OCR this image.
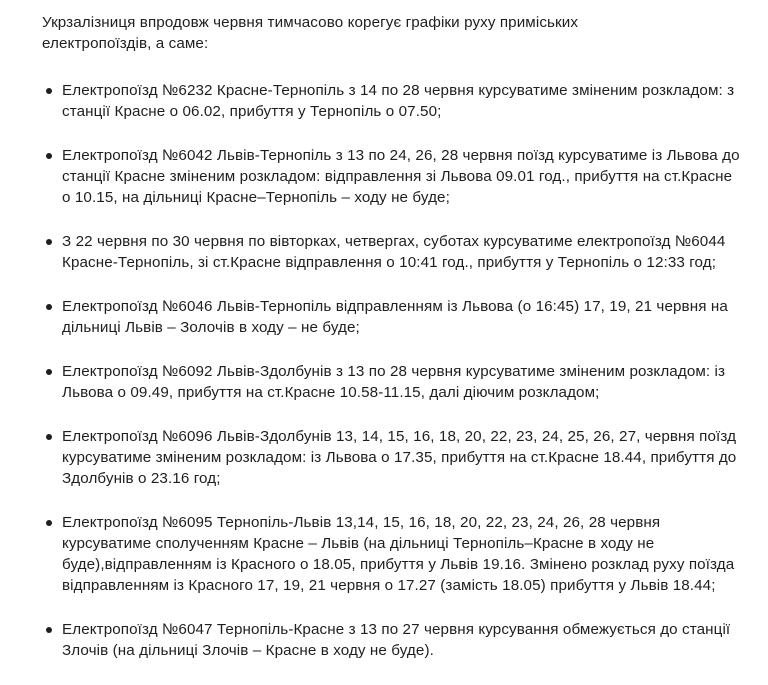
Укрзалізниця впродовж червня тимчасово корегує графіки руху приміських електропоїздів, а саме:

Електропоїзд №6232 Красне-Тернопіль з 14 по 28 червня курсуватиме зміненим розкладом: з станції Красне о 06.02, прибуття у Тернопіль о 07.50;
Електропоїзд №6042 Львів-Тернопіль з 13 по 24, 26, 28 червня поїзд курсуватиме із Львова до станції Красне зміненим розкладом: відправлення зі Львова 09.01 год., прибуття на ст.Красне о 10.15, на дільниці Красне–Тернопіль – ходу не буде;
З 22 червня по 30 червня по вівторках, четвергах, суботах курсуватиме електропоїзд №6044 Красне-Тернопіль, зі ст.Красне відправлення о 10:41 год., прибуття у Тернопіль о 12:33 год;
Електропоїзд №6046 Львів-Тернопіль відправленням із Львова (о 16:45) 17, 19, 21 червня на дільниці Львів – Золочів в ходу – не буде;
Електропоїзд №6092 Львів-Здолбунів з 13 по 28 червня курсуватиме зміненим розкладом: із Львова о 09.49, прибуття на ст.Красне 10.58-11.15, далі діючим розкладом;
Електропоїзд №6096 Львів-Здолбунів 13, 14, 15, 16, 18, 20, 22, 23, 24, 25, 26, 27, червня поїзд курсуватиме зміненим розкладом: із Львова о 17.35, прибуття на ст.Красне 18.44, прибуття до Здолбунів о 23.16 год;
Електропоїзд №6095 Тернопіль-Львів 13,14, 15, 16, 18, 20, 22, 23, 24, 26, 28 червня курсуватиме сполученням Красне – Львів (на дільниці Тернопіль–Красне в ходу не буде),відправленням із Красного о 18.05, прибуття у Львів 19.16. Змінено розклад руху поїзда відправленням із Красного 17, 19, 21 червня о 17.27 (замість 18.05) прибуття у Львів 18.44;
Електропоїзд №6047 Тернопіль-Красне з 13 по 27 червня курсування обмежується до станції Злочів (на дільниці Злочів – Красне в ходу не буде).
